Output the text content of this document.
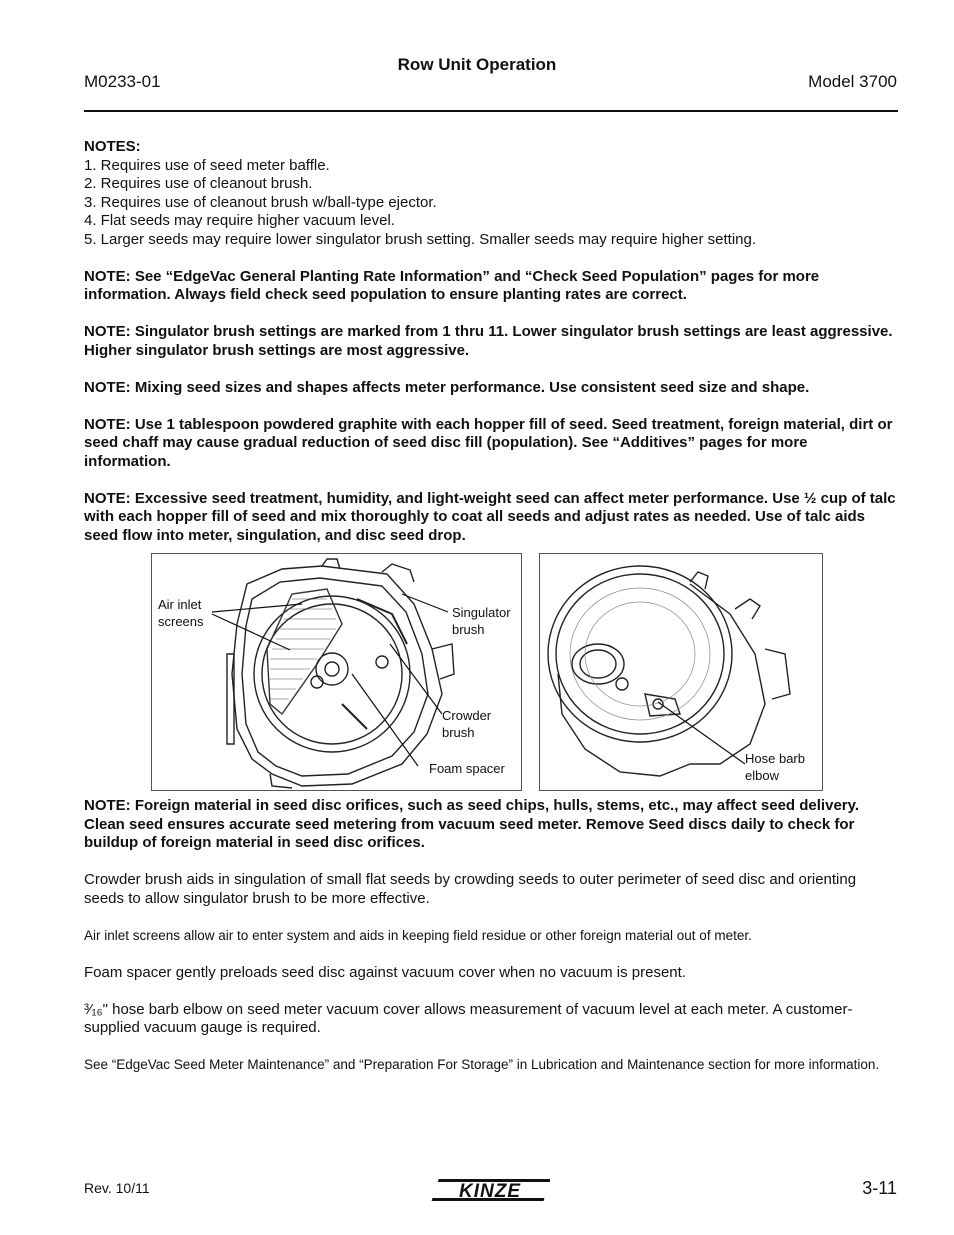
M0233-01
Row Unit Operation
Model 3700

NOTES:

1. Requires use of seed meter baffle.

2. Requires use of cleanout brush.

3. Requires use of cleanout brush w/ball-type ejector.

4. Flat seeds may require higher vacuum level.

5. Larger seeds may require lower singulator brush setting. Smaller seeds may require higher setting.

NOTE: See “EdgeVac General Planting Rate Information” and “Check Seed Population” pages for more information. Always field check seed population to ensure planting rates are correct.

NOTE: Singulator brush settings are marked from 1 thru 11. Lower singulator brush settings are least aggressive. Higher singulator brush settings are most aggressive.

NOTE: Mixing seed sizes and shapes affects meter performance. Use consistent seed size and shape.

NOTE: Use 1 tablespoon powdered graphite with each hopper fill of seed. Seed treatment, foreign material, dirt or seed chaff may cause gradual reduction of seed disc fill (population). See “Additives” pages for more information.

NOTE: Excessive seed treatment, humidity, and light-weight seed can affect meter performance. Use ½ cup of talc with each hopper fill of seed and mix thoroughly to coat all seeds and adjust rates as needed. Use of talc aids seed flow into meter, singulation, and disc seed drop.

Air inlet
screens
Singulator
brush
Crowder
brush
Foam spacer
Hose barb
elbow

NOTE: Foreign material in seed disc orifices, such as seed chips, hulls, stems, etc., may affect seed delivery. Clean seed ensures accurate seed metering from vacuum seed meter. Remove Seed discs daily to check for buildup of foreign material in seed disc orifices.

Crowder brush aids in singulation of small flat seeds by crowding seeds to outer perimeter of seed disc and orienting seeds to allow singulator brush to be more effective.

Air inlet screens allow air to enter system and aids in keeping field residue or other foreign material out of meter.

Foam spacer gently preloads seed disc against vacuum cover when no vacuum is present.

³⁄₁₆" hose barb elbow on seed meter vacuum cover allows measurement of vacuum level at each meter. A customer-supplied vacuum gauge is required.

See “EdgeVac Seed Meter Maintenance” and “Preparation For Storage” in Lubrication and Maintenance section for more information.

Rev. 10/11	KINZE	3-11
